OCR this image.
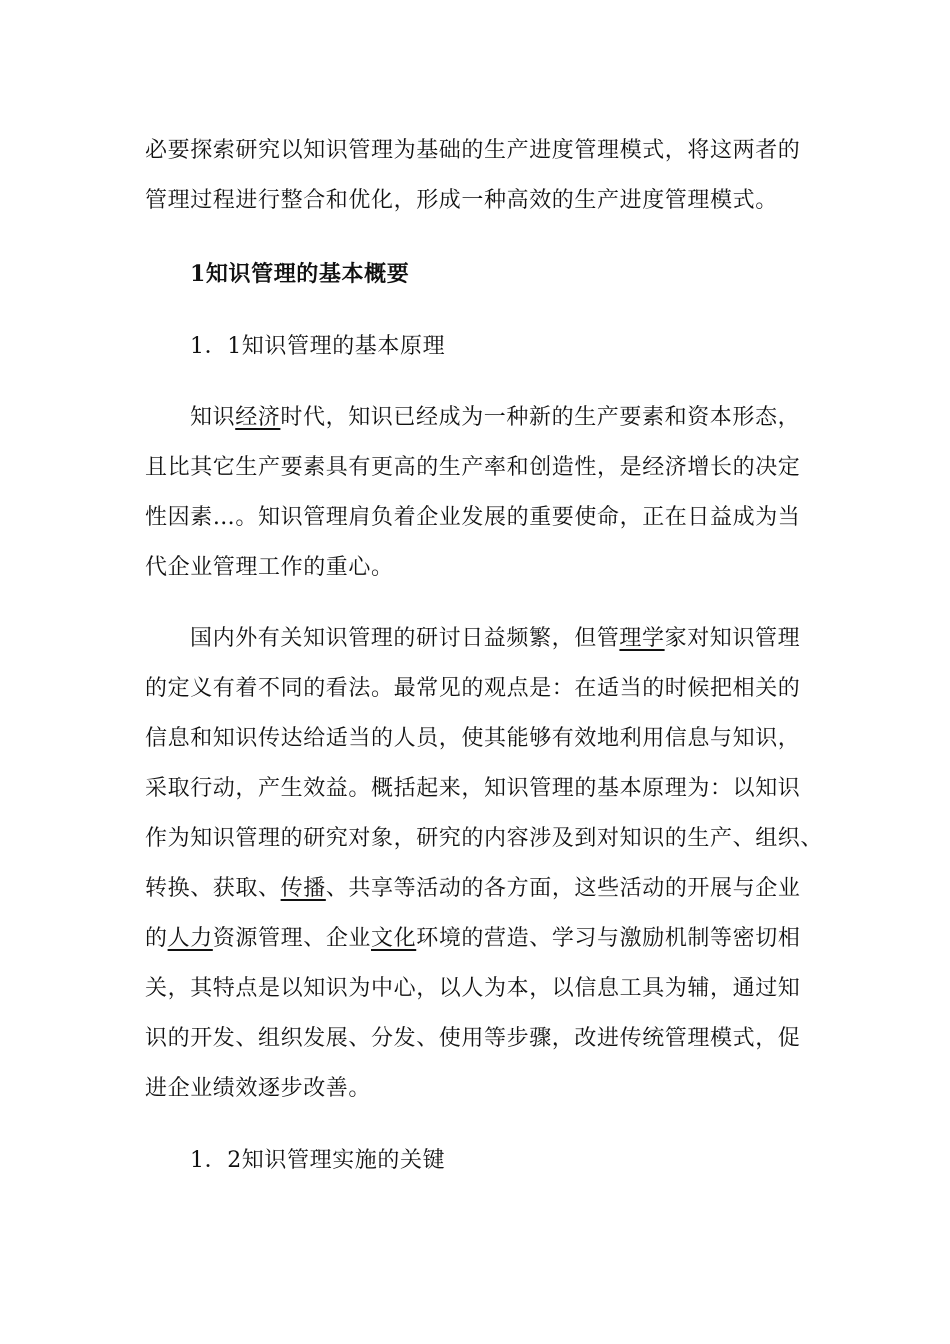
必要探索研究以知识管理为基础的生产进度管理模式，将这两者的
管理过程进行整合和优化，形成一种高效的生产进度管理模式。
1知识管理的基本概要
1．1知识管理的基本原理
知识经济时代，知识已经成为一种新的生产要素和资本形态，
且比其它生产要素具有更高的生产率和创造性，是经济增长的决定
性因素…。知识管理肩负着企业发展的重要使命，正在日益成为当
代企业管理工作的重心。
国内外有关知识管理的研讨日益频繁，但管理学家对知识管理
的定义有着不同的看法。最常见的观点是：在适当的时候把相关的
信息和知识传达给适当的人员，使其能够有效地利用信息与知识，
采取行动，产生效益。概括起来，知识管理的基本原理为：以知识
作为知识管理的研究对象，研究的内容涉及到对知识的生产、组织、
转换、获取、传播、共享等活动的各方面，这些活动的开展与企业
的人力资源管理、企业文化环境的营造、学习与激励机制等密切相
关，其特点是以知识为中心，以人为本，以信息工具为辅，通过知
识的开发、组织发展、分发、使用等步骤，改进传统管理模式，促
进企业绩效逐步改善。
1．2知识管理实施的关键
